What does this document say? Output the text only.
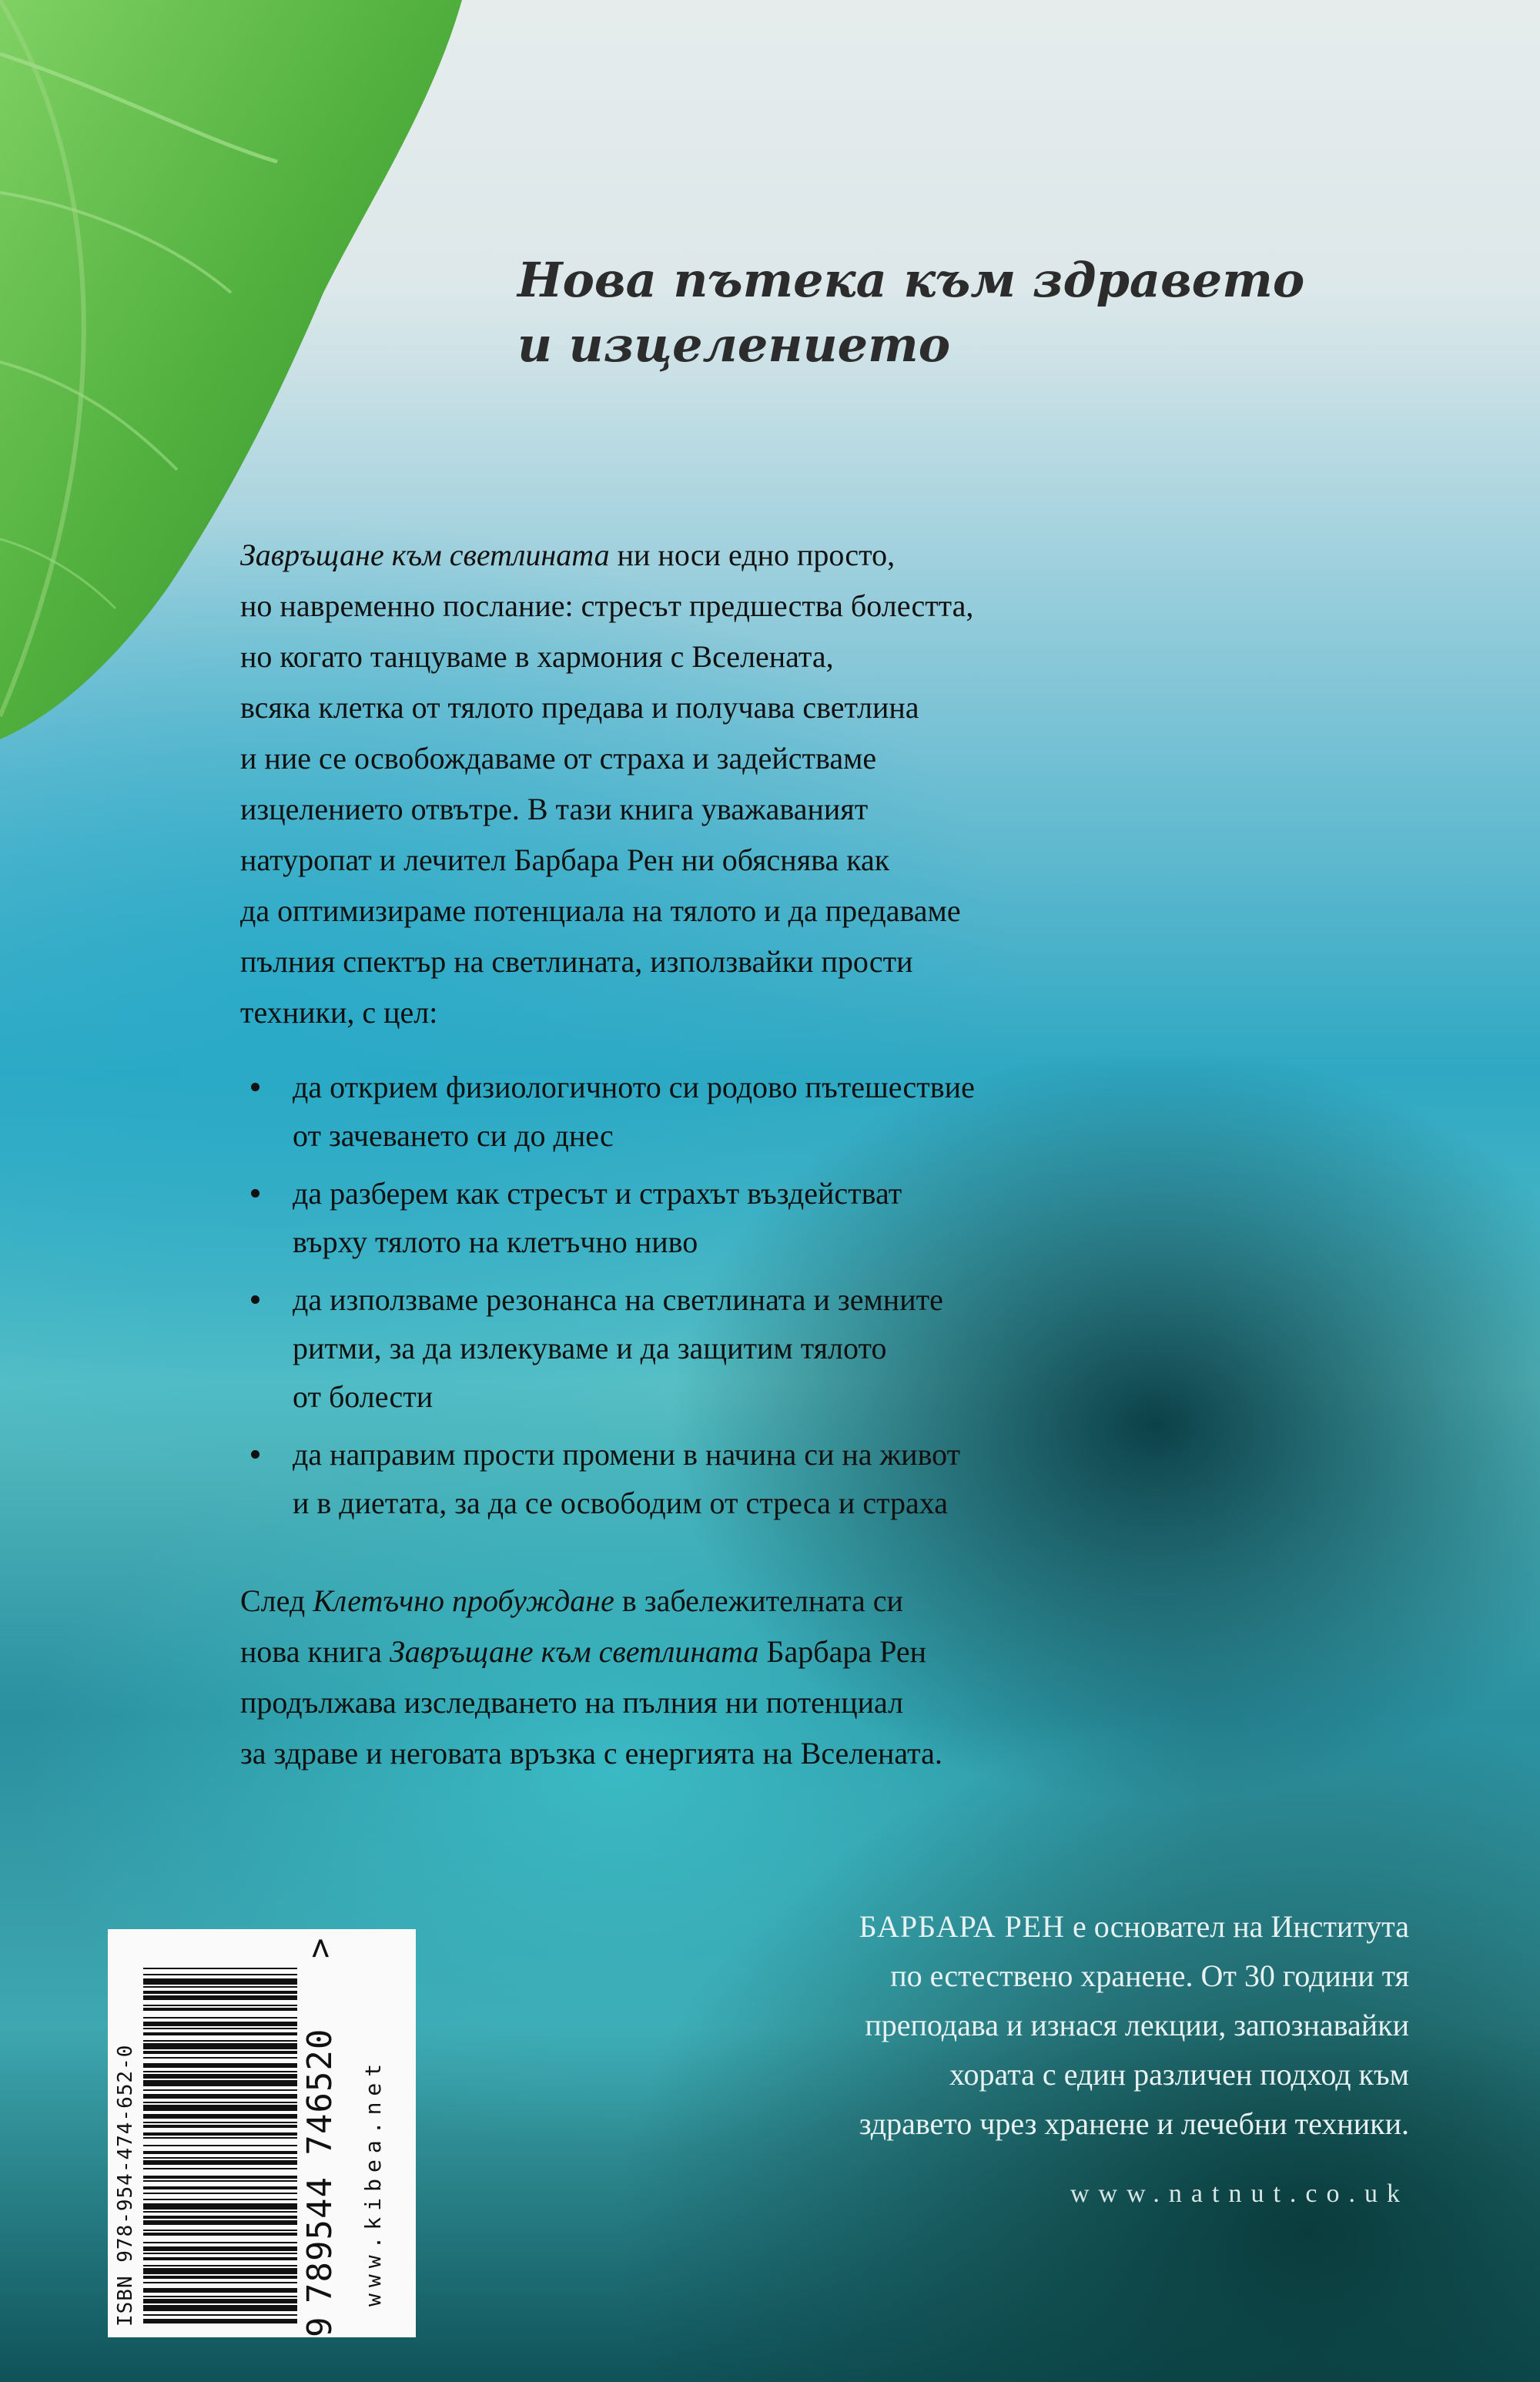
Нова пътека към здравето
и изцелението
Завръщане към светлината ни носи едно просто,
но навременно послание: стресът предшества болестта,
но когато танцуваме в хармония с Вселената,
всяка клетка от тялото предава и получава светлина
и ние се освобождаваме от страха и задействаме
изцелението отвътре. В тази книга уважаваният
натуропат и лечител Барбара Рен ни обяснява как
да оптимизираме потенциала на тялото и да предаваме
пълния спектър на светлината, използвайки прости
техники, с цел:
да открием физиологичното си родово пътешествие
от зачеването си до днес
да разберем как стресът и страхът въздействат
върху тялото на клетъчно ниво
да използваме резонанса на светлината и земните
ритми, за да излекуваме и да защитим тялото
от болести
да направим прости промени в начина си на живот
и в диетата, за да се освободим от стреса и страха
След Клетъчно пробуждане в забележителната си
нова книга Завръщане към светлината Барбара Рен
продължава изследването на пълния ни потенциал
за здраве и неговата връзка с енергията на Вселената.
БАРБАРА РЕН е основател на Института
по естествено хранене. От 30 години тя
преподава и изнася лекции, запознавайки
хората с един различен подход към
здравето чрез хранене и лечебни техники.
www.natnut.co.uk
ISBN 978-954-474-652-0
9
789544 746520
>
www.kibea.net
